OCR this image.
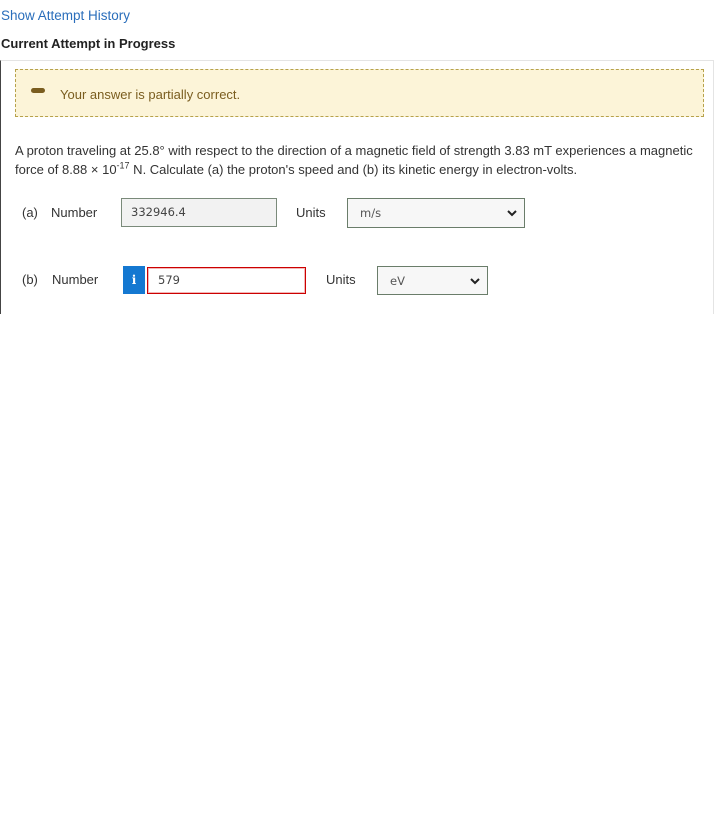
Show Attempt History
Current Attempt in Progress
Your answer is partially correct.
A proton traveling at 25.8° with respect to the direction of a magnetic field of strength 3.83 mT experiences a magnetic force of $8.88 \times 10^{-17}$ N. Calculate (a) the proton's speed and (b) its kinetic energy in electron-volts.
(a) Number	332946.4	Units	m/s
(b) Number	i	579	Units	eV
